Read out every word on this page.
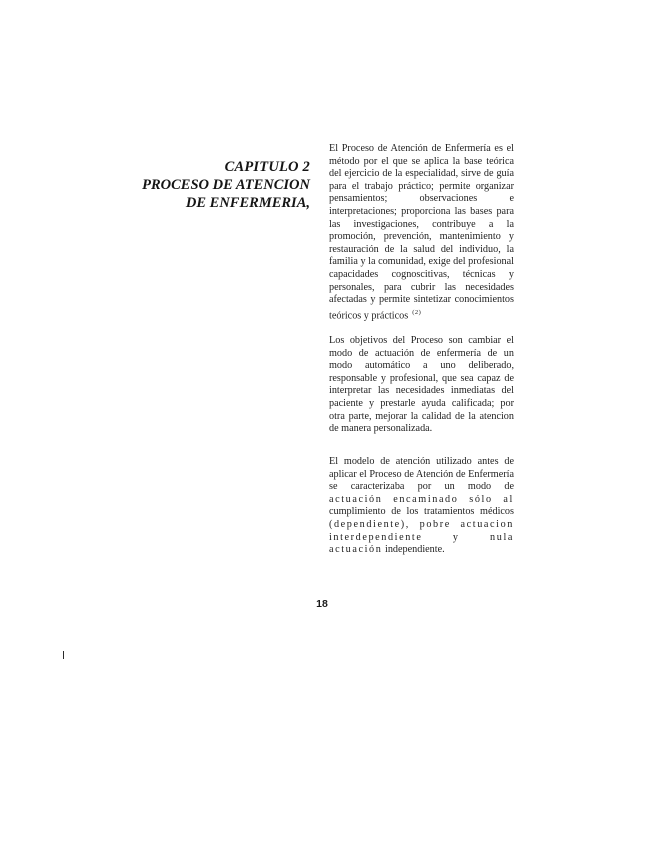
CAPITULO 2
PROCESO DE ATENCION
DE ENFERMERIA,
El Proceso de Atención de Enfermería es el método por el que se aplica la base teórica del ejercicio de la especialidad, sirve de guía para el trabajo práctico; permite organizar pensamientos; observaciones e interpretaciones; proporciona las bases para las investigaciones, contribuye a la promoción, prevención, mantenimiento y restauración de la salud del individuo, la familia y la comunidad, exige del profesional capacidades cognoscitivas, técnicas y personales, para cubrir las necesidades afectadas y permite sintetizar conocimientos teóricos y prácticos $^{(2)}$
Los objetivos del Proceso son cambiar el modo de actuación de enfermería de un modo automático a uno deliberado, responsable y profesional, que sea capaz de interpretar las necesidades inmediatas del paciente y prestarle ayuda calificada; por otra parte, mejorar la calidad de la atencion de manera personalizada.
El modelo de atención utilizado antes de aplicar el Proceso de Atención de Enfermería se caracterizaba por un modo de actuación encaminado sólo al cumplimiento de los tratamientos médicos (dependiente), pobre actuacion interdependiente y nula actuación independiente.
18
